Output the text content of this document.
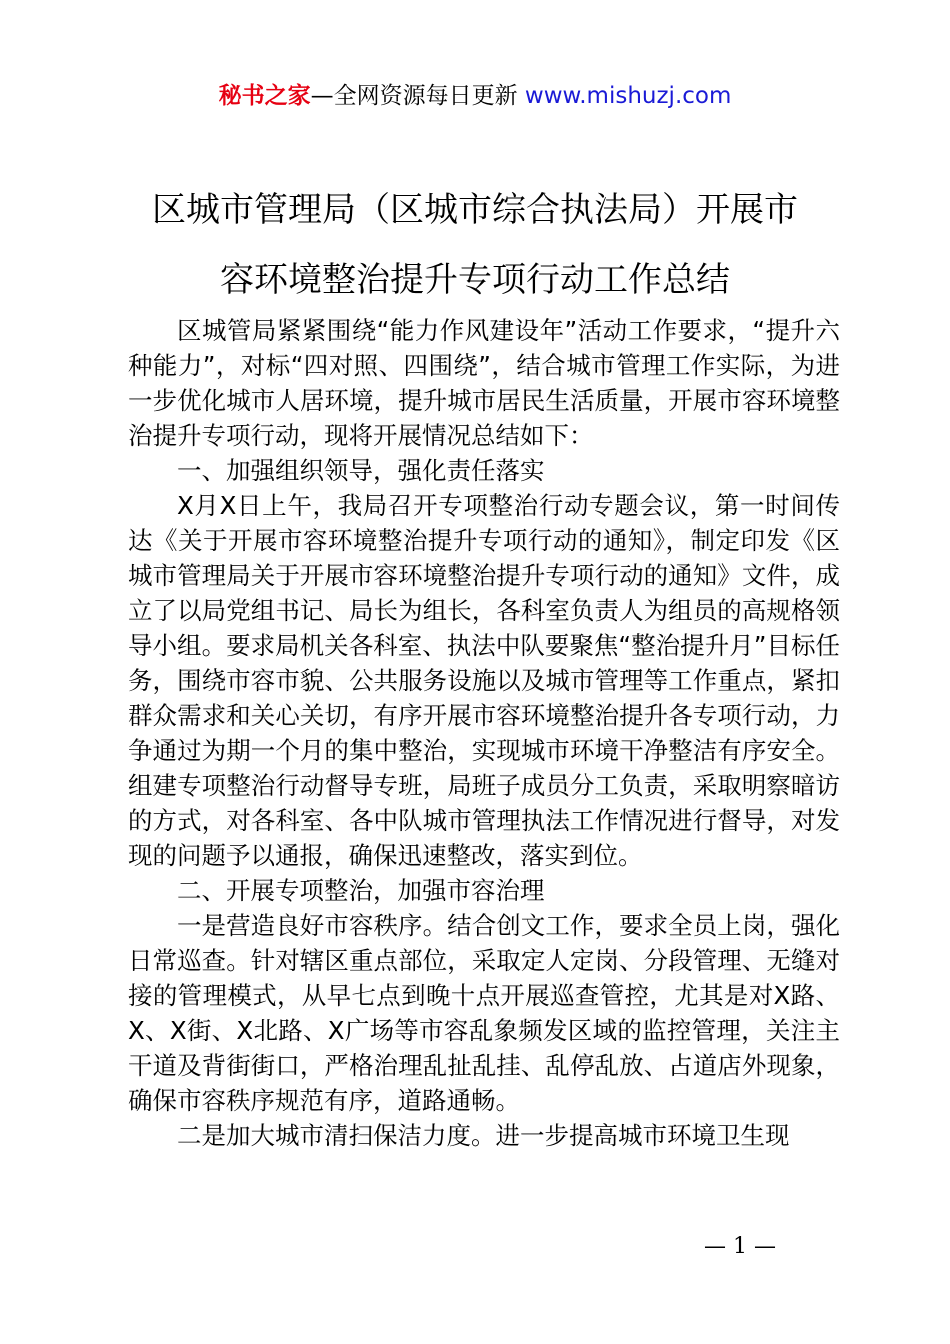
秘书之家—全网资源每日更新 www.mishuzj.com
区城市管理局（区城市综合执法局）开展市
容环境整治提升专项行动工作总结

区城管局紧紧围绕“能力作风建设年”活动工作要求，“提升六种能力”，对标“四对照、四围绕”，结合城市管理工作实际，为进一步优化城市人居环境，提升城市居民生活质量，开展市容环境整治提升专项行动，现将开展情况总结如下：

一、加强组织领导，强化责任落实

X月X日上午，我局召开专项整治行动专题会议，第一时间传达《关于开展市容环境整治提升专项行动的通知》，制定印发《区城市管理局关于开展市容环境整治提升专项行动的通知》文件，成立了以局党组书记、局长为组长，各科室负责人为组员的高规格领导小组。要求局机关各科室、执法中队要聚焦“整治提升月”目标任务，围绕市容市貌、公共服务设施以及城市管理等工作重点，紧扣群众需求和关心关切，有序开展市容环境整治提升各专项行动，力争通过为期一个月的集中整治，实现城市环境干净整洁有序安全。组建专项整治行动督导专班，局班子成员分工负责，采取明察暗访的方式，对各科室、各中队城市管理执法工作情况进行督导，对发现的问题予以通报，确保迅速整改，落实到位。

二、开展专项整治，加强市容治理

一是营造良好市容秩序。结合创文工作，要求全员上岗，强化日常巡查。针对辖区重点部位，采取定人定岗、分段管理、无缝对接的管理模式，从早七点到晚十点开展巡查管控，尤其是对X路、X、X街、X北路、X广场等市容乱象频发区域的监控管理，关注主干道及背街街口，严格治理乱扯乱挂、乱停乱放、占道店外现象，确保市容秩序规范有序，道路通畅。

二是加大城市清扫保洁力度。进一步提高城市环境卫生现

— 1 —
